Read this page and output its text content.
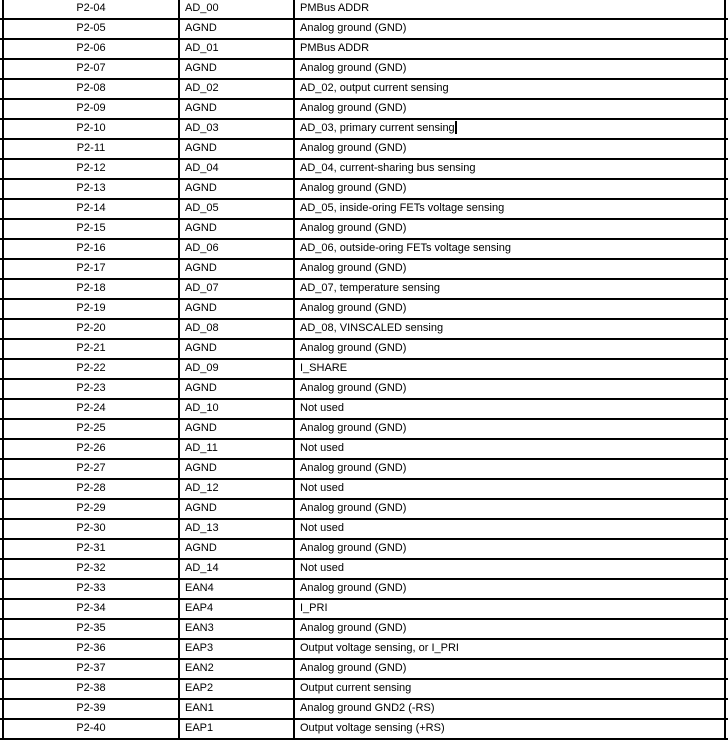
P2-04	AD_00	PMBus ADDR
P2-05	AGND	Analog ground (GND)
P2-06	AD_01	PMBus ADDR
P2-07	AGND	Analog ground (GND)
P2-08	AD_02	AD_02, output current sensing
P2-09	AGND	Analog ground (GND)
P2-10	AD_03	AD_03, primary current sensing
P2-11	AGND	Analog ground (GND)
P2-12	AD_04	AD_04, current-sharing bus sensing
P2-13	AGND	Analog ground (GND)
P2-14	AD_05	AD_05, inside-oring FETs voltage sensing
P2-15	AGND	Analog ground (GND)
P2-16	AD_06	AD_06, outside-oring FETs voltage sensing
P2-17	AGND	Analog ground (GND)
P2-18	AD_07	AD_07, temperature sensing
P2-19	AGND	Analog ground (GND)
P2-20	AD_08	AD_08, VINSCALED sensing
P2-21	AGND	Analog ground (GND)
P2-22	AD_09	I_SHARE
P2-23	AGND	Analog ground (GND)
P2-24	AD_10	Not used
P2-25	AGND	Analog ground (GND)
P2-26	AD_11	Not used
P2-27	AGND	Analog ground (GND)
P2-28	AD_12	Not used
P2-29	AGND	Analog ground (GND)
P2-30	AD_13	Not used
P2-31	AGND	Analog ground (GND)
P2-32	AD_14	Not used
P2-33	EAN4	Analog ground (GND)
P2-34	EAP4	I_PRI
P2-35	EAN3	Analog ground (GND)
P2-36	EAP3	Output voltage sensing, or I_PRI
P2-37	EAN2	Analog ground (GND)
P2-38	EAP2	Output current sensing
P2-39	EAN1	Analog ground GND2 (-RS)
P2-40	EAP1	Output voltage sensing (+RS)
